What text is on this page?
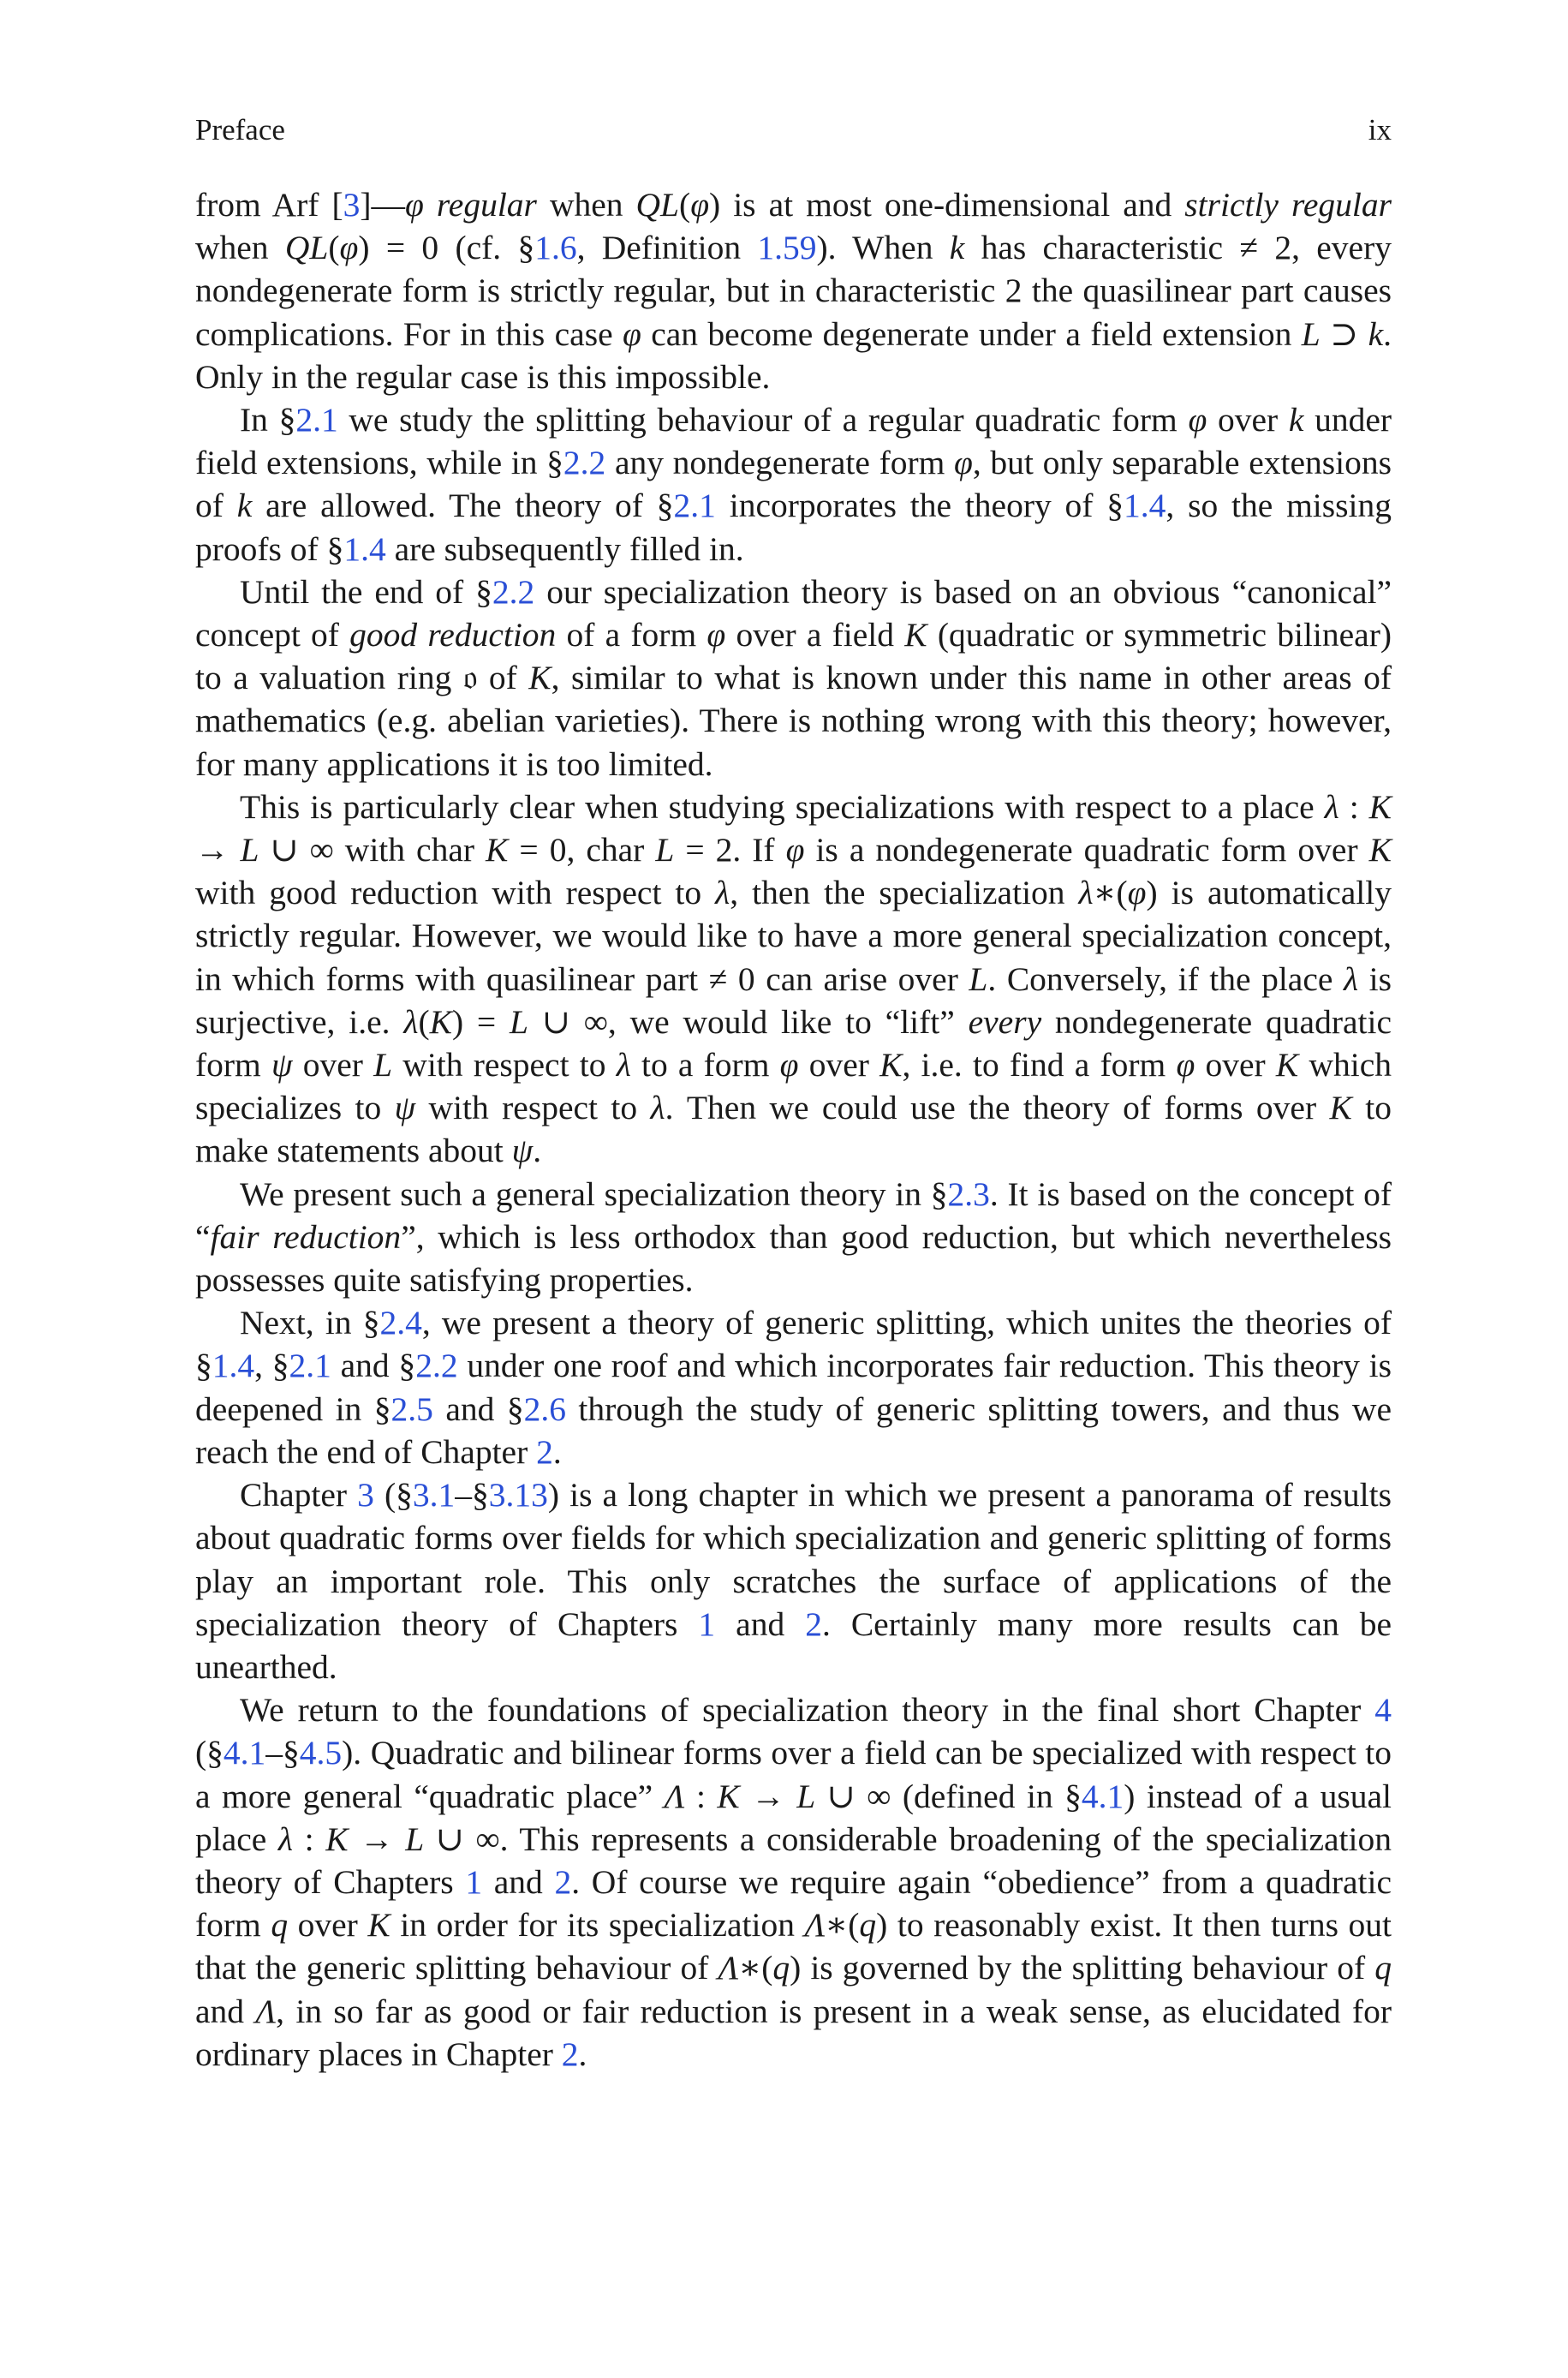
Preface	ix

from Arf [3]—φ regular when QL(φ) is at most one-dimensional and strictly regular when QL(φ) = 0 (cf. §1.6, Definition 1.59). When k has characteristic ≠ 2, every nondegenerate form is strictly regular, but in characteristic 2 the quasilinear part causes complications. For in this case φ can become degenerate under a field extension L ⊃ k. Only in the regular case is this impossible.

In §2.1 we study the splitting behaviour of a regular quadratic form φ over k under field extensions, while in §2.2 any nondegenerate form φ, but only separable extensions of k are allowed. The theory of §2.1 incorporates the theory of §1.4, so the missing proofs of §1.4 are subsequently filled in.

Until the end of §2.2 our specialization theory is based on an obvious “canonical” concept of good reduction of a form φ over a field K (quadratic or symmetric bilinear) to a valuation ring 𝔬 of K, similar to what is known under this name in other areas of mathematics (e.g. abelian varieties). There is nothing wrong with this theory; however, for many applications it is too limited.

This is particularly clear when studying specializations with respect to a place λ : K → L ∪ ∞ with char K = 0, char L = 2. If φ is a nondegenerate quadratic form over K with good reduction with respect to λ, then the specialization λ∗(φ) is automatically strictly regular. However, we would like to have a more general specialization concept, in which forms with quasilinear part ≠ 0 can arise over L. Conversely, if the place λ is surjective, i.e. λ(K) = L ∪ ∞, we would like to “lift” every nondegenerate quadratic form ψ over L with respect to λ to a form φ over K, i.e. to find a form φ over K which specializes to ψ with respect to λ. Then we could use the theory of forms over K to make statements about ψ.

We present such a general specialization theory in §2.3. It is based on the concept of “fair reduction”, which is less orthodox than good reduction, but which nevertheless possesses quite satisfying properties.

Next, in §2.4, we present a theory of generic splitting, which unites the theories of §1.4, §2.1 and §2.2 under one roof and which incorporates fair reduction. This theory is deepened in §2.5 and §2.6 through the study of generic splitting towers, and thus we reach the end of Chapter 2.

Chapter 3 (§3.1–§3.13) is a long chapter in which we present a panorama of results about quadratic forms over fields for which specialization and generic splitting of forms play an important role. This only scratches the surface of applications of the specialization theory of Chapters 1 and 2. Certainly many more results can be unearthed.

We return to the foundations of specialization theory in the final short Chapter 4 (§4.1–§4.5). Quadratic and bilinear forms over a field can be specialized with respect to a more general “quadratic place” Λ : K → L ∪ ∞ (defined in §4.1) instead of a usual place λ : K → L ∪ ∞. This represents a considerable broadening of the specialization theory of Chapters 1 and 2. Of course we require again “obedience” from a quadratic form q over K in order for its specialization Λ∗(q) to reasonably exist. It then turns out that the generic splitting behaviour of Λ∗(q) is governed by the splitting behaviour of q and Λ, in so far as good or fair reduction is present in a weak sense, as elucidated for ordinary places in Chapter 2.
